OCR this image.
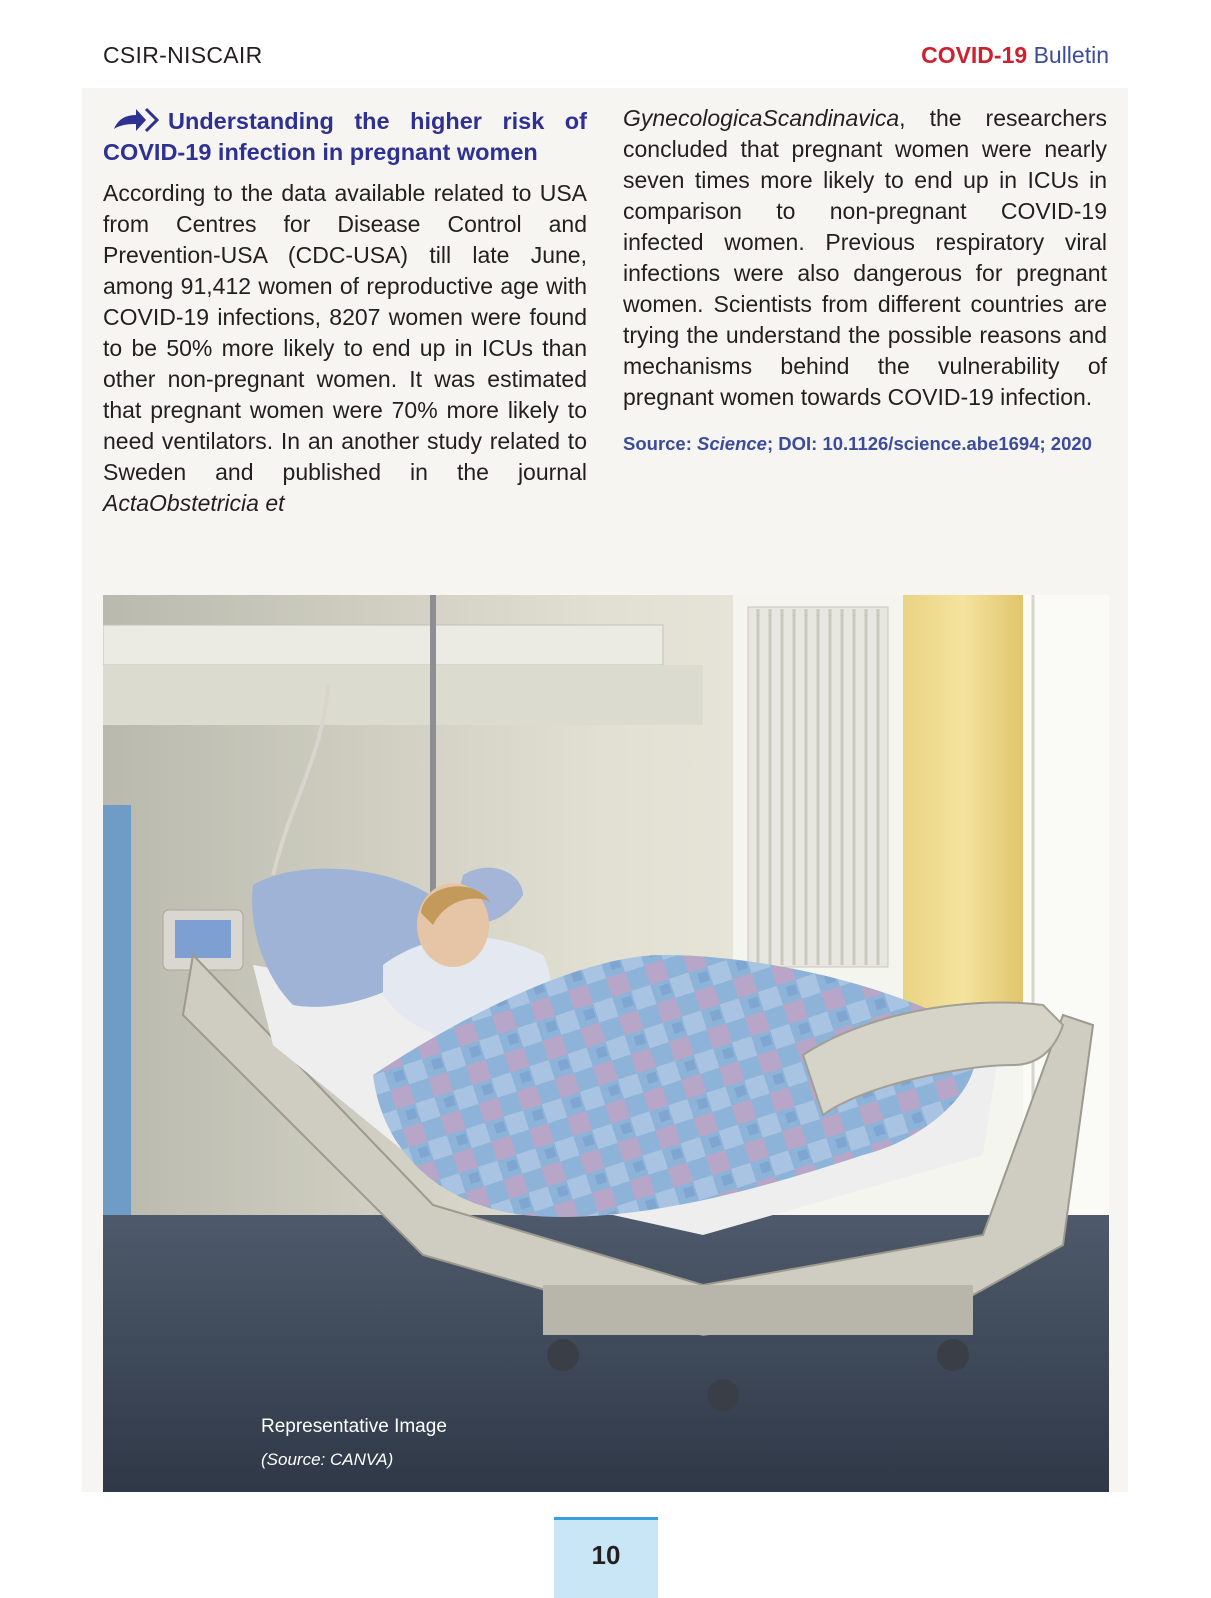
CSIR-NISCAIR	COVID-19 Bulletin
Understanding the higher risk of COVID-19 infection in pregnant women

According to the data available related to USA from Centres for Disease Control and Prevention-USA (CDC-USA) till late June, among 91,412 women of reproductive age with COVID-19 infections, 8207 women were found to be 50% more likely to end up in ICUs than other non-pregnant women. It was estimated that pregnant women were 70% more likely to need ventilators. In an another study related to Sweden and published in the journal ActaObstetricia et

GynecologicaScandinavica, the researchers concluded that pregnant women were nearly seven times more likely to end up in ICUs in comparison to non-pregnant COVID-19 infected women. Previous respiratory viral infections were also dangerous for pregnant women. Scientists from different countries are trying the understand the possible reasons and mechanisms behind the vulnerability of pregnant women towards COVID-19 infection.

Source: Science; DOI: 10.1126/science.abe1694; 2020
Representative Image
(Source: CANVA)
10
